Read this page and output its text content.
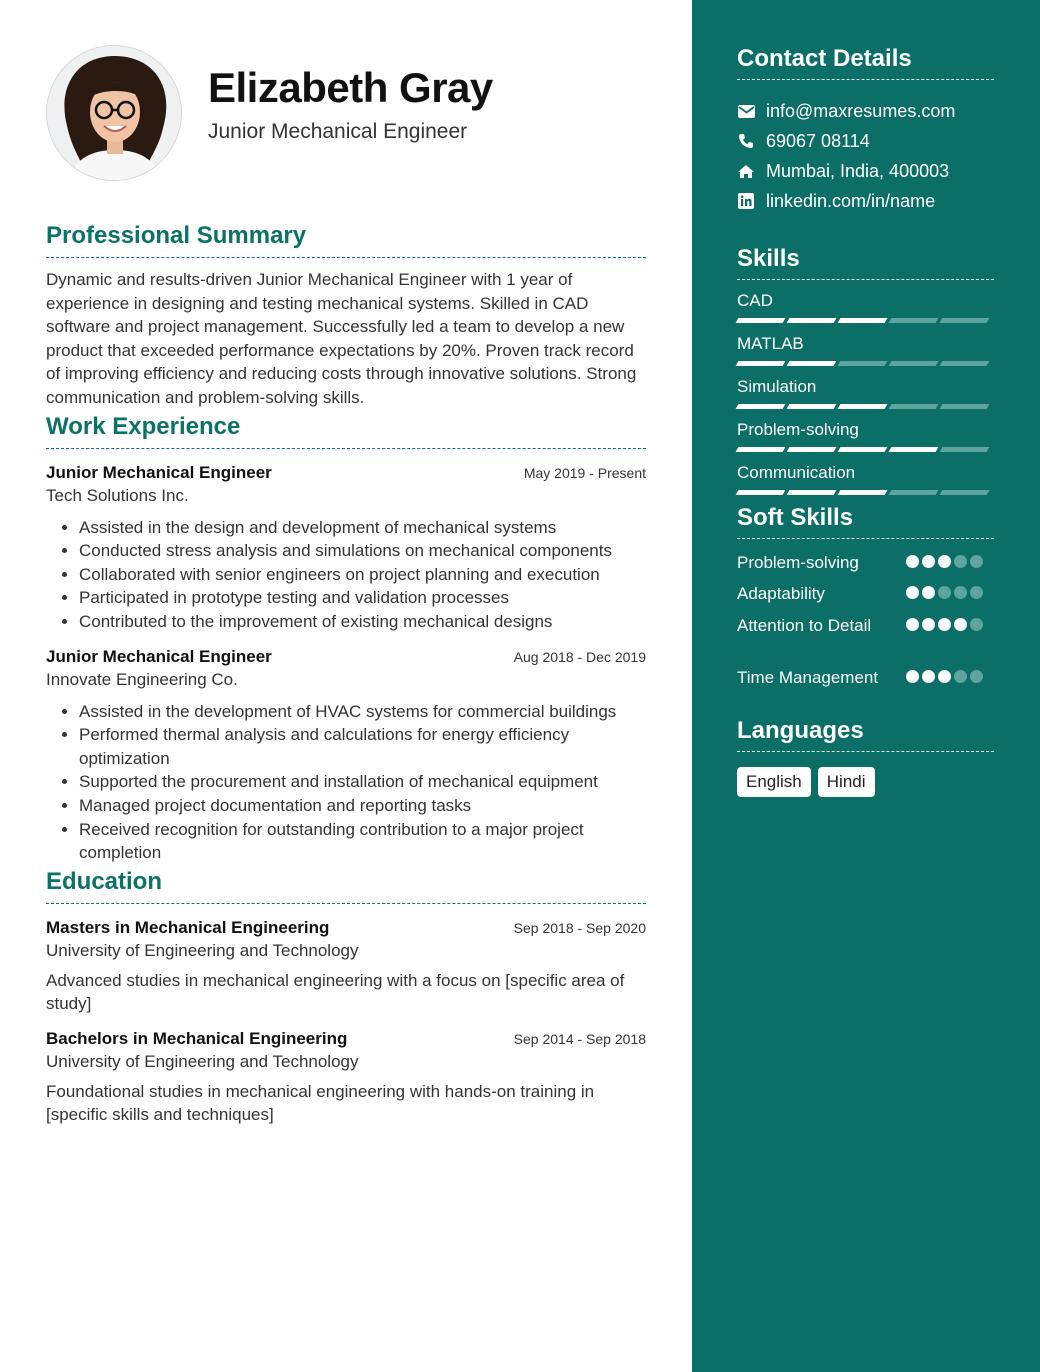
Elizabeth Gray
Junior Mechanical Engineer
Professional Summary

Dynamic and results-driven Junior Mechanical Engineer with 1 year of experience in designing and testing mechanical systems. Skilled in CAD software and project management. Successfully led a team to develop a new product that exceeded performance expectations by 20%. Proven track record of improving efficiency and reducing costs through innovative solutions. Strong communication and problem-solving skills.

Work Experience
Junior Mechanical Engineer	May 2019 - Present
Tech Solutions Inc.
• Assisted in the design and development of mechanical systems
• Conducted stress analysis and simulations on mechanical components
• Collaborated with senior engineers on project planning and execution
• Participated in prototype testing and validation processes
• Contributed to the improvement of existing mechanical designs
Junior Mechanical Engineer	Aug 2018 - Dec 2019
Innovate Engineering Co.
• Assisted in the development of HVAC systems for commercial buildings
• Performed thermal analysis and calculations for energy efficiency optimization
• Supported the procurement and installation of mechanical equipment
• Managed project documentation and reporting tasks
• Received recognition for outstanding contribution to a major project completion
Education
Masters in Mechanical Engineering	Sep 2018 - Sep 2020
University of Engineering and Technology

Advanced studies in mechanical engineering with a focus on [specific area of study]

Bachelors in Mechanical Engineering	Sep 2014 - Sep 2018
University of Engineering and Technology

Foundational studies in mechanical engineering with hands-on training in [specific skills and techniques]

Contact Details
info@maxresumes.com
69067 08114
Mumbai, India, 400003
linkedin.com/in/name
Skills
CAD
MATLAB
Simulation
Problem-solving
Communication
Soft Skills
Problem-solving
Adaptability
Attention to Detail
Time Management
Languages
English	Hindi
